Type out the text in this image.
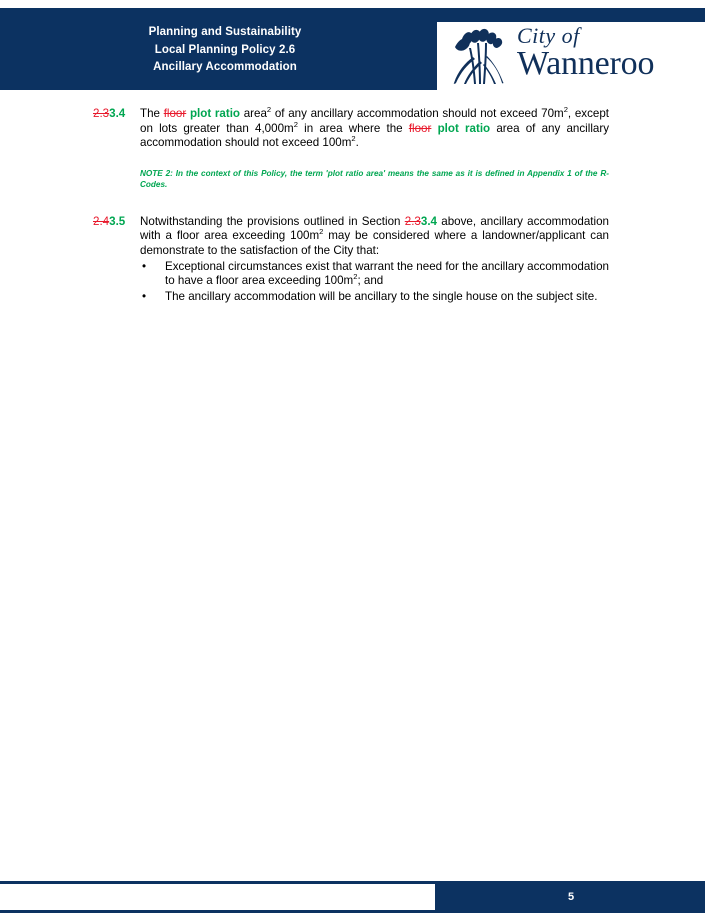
Planning and Sustainability
Local Planning Policy 2.6
Ancillary Accommodation
City of
Wanneroo
2.33.4	The floor plot ratio area$^2$ of any ancillary accommodation should not exceed $70m^2$, except on lots greater than $4,000m^2$ in area where the floor plot ratio area of any ancillary accommodation should not exceed $100m^2$.

NOTE 2: In the context of this Policy, the term 'plot ratio area' means the same as it is defined in Appendix 1 of the R-Codes.
2.43.5	Notwithstanding the provisions outlined in Section 2.33.4 above, ancillary accommodation with a floor area exceeding $100m^2$ may be considered where a landowner/applicant can demonstrate to the satisfaction of the City that:

• Exceptional circumstances exist that warrant the need for the ancillary accommodation to have a floor area exceeding $100m^2$; and
• The ancillary accommodation will be ancillary to the single house on the subject site.
5
